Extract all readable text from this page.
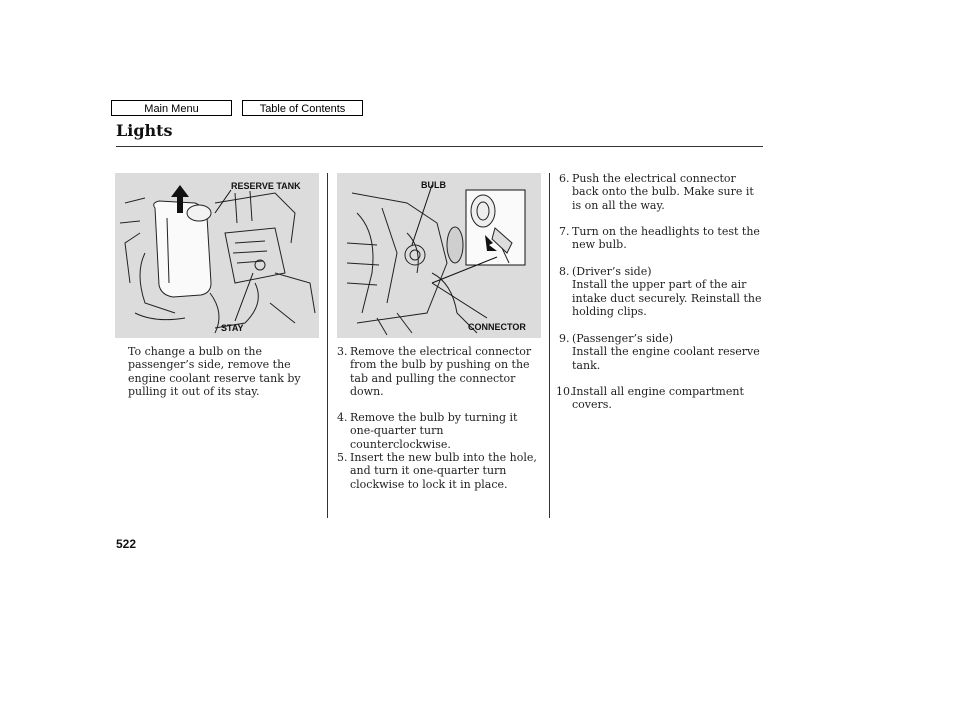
Main Menu	Table of Contents
Lights
RESERVE TANK
STAY
BULB
CONNECTOR
To change a bulb on the passenger’s side, remove the engine coolant reserve tank by pulling it out of its stay.
3. Remove the electrical connector from the bulb by pushing on the tab and pulling the connector down.
4. Remove the bulb by turning it one-quarter turn counterclockwise.
5. Insert the new bulb into the hole, and turn it one-quarter turn clockwise to lock it in place.
6. Push the electrical connector back onto the bulb. Make sure it is on all the way.
7. Turn on the headlights to test the new bulb.
8. (Driver’s side)
Install the upper part of the air intake duct securely. Reinstall the holding clips.
9. (Passenger’s side)
Install the engine coolant reserve tank.
10.
Install all engine compartment covers.
522
